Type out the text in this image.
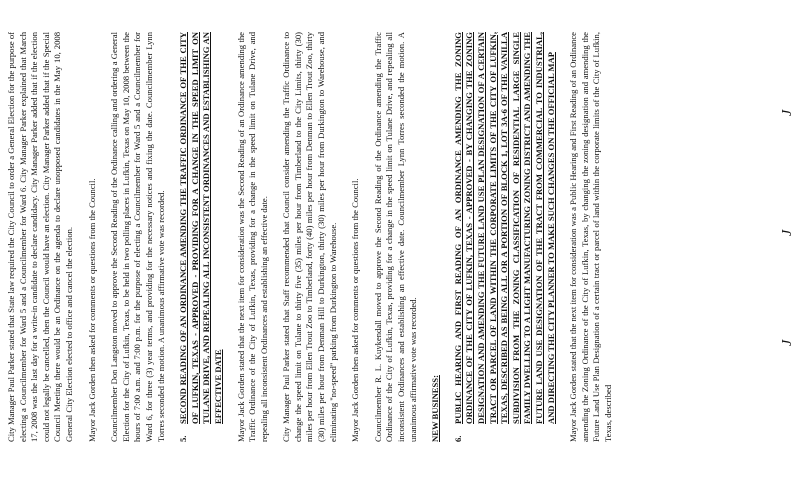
City Manager Paul Parker stated that State law required the City Council to order a General Election for the purpose of electing a Councilmember for Ward 5 and a Councilmember for Ward 6. City Manager Parker explained that March 17, 2008 was the last day for a write-in candidate to declare candidacy. City Manager Parker added that if the election could not legally be cancelled, then the Council would have an election. City Manager Parker added that if the Special Council Meeting there would be an Ordinance on the agenda to declare unopposed candidates in the May 10, 2008 General City Election elected to office and cancel the election. Mayor Jack Gorden then asked for comments or questions from the Council. Councilmember Don Langston moved to approve the Second Reading of the Ordinance calling and ordering a General Election for the City of Lufkin, Texas, to be held in two polling places in Lufkin, Texas on May 10, 2008 between the hours of 7:00 a.m. and 7:00 p.m. for the purpose of electing a Councilmember for Ward 5 and a Councilmember for Ward 6, for three (3) year terms, and providing for the necessary notices and fixing the date. Councilmember Lynn Torres seconded the motion. A unanimous affirmative vote was recorded. 5.
SECOND READING OF AN ORDINANCE AMENDING THE TRAFFIC ORDINANCE OF THE CITY OF LUFKIN, TEXAS - APPROVED - PROVIDING FOR A CHANGE IN THE SPEED LIMIT ON TULANE DRIVE, AND REPEALING ALL INCONSISTENT ORDINANCES AND ESTABLISHING AN EFFECTIVE DATE Mayor Jack Gorden stated that the next item for consideration was the Second Reading of an Ordinance amending the Traffic Ordinance of the City of Lufkin, Texas, providing for a change in the speed limit on Tulane Drive, and repealing all inconsistent Ordinances and establishing an effective date. City Manager Paul Parker stated that Staff recommended that Council consider amending the Traffic Ordinance to change the speed limit on Tulane to thirty five (35) miles per hour from Timberland to the City Limits, thirty (30) miles per hour from Ellen Trout Zoo to Timberland, forty (40) miles per hour from Denman to Ellen Trout Zoo, thirty (30) miles per hour from Denman Hill to Durkington, thirty (30) miles per hour from Durkington to Warehouse, and eliminating "no-speed" parking from Durkington to Warehouse. Mayor Jack Gorden then asked for comments or questions from the Council. Councilmember R. L. Kuykendall moved to approve the Second Reading of the Ordinance amending the Traffic Ordinance of the City of Lufkin, Texas, providing for a change in the speed limit on Tulane Drive, and repealing all inconsistent Ordinances and establishing an effective date. Councilmember Lynn Torres seconded the motion. A unanimous affirmative vote was recorded. NEW BUSINESS: 6.
PUBLIC HEARING AND FIRST READING OF AN ORDINANCE AMENDING THE ZONING ORDINANCE OF THE CITY OF LUFKIN, TEXAS - APPROVED - BY CHANGING THE ZONING DESIGNATION AND AMENDING THE FUTURE LAND USE PLAN DESIGNATION OF A CERTAIN TRACT OR PARCEL OF LAND WITHIN THE CORPORATE LIMITS OF THE CITY OF LUFKIN, TEXAS, DESCRIBED AS BEING ALL OR A PORTION OF BLOCK 1, LOT 3A-6 OF THE VANILLA SUBDIVISION FROM THE ZONING CLASSIFICATION OF RESIDENTIAL LARGE SINGLE FAMILY DWELLING TO A LIGHT MANUFACTURING ZONING DISTRICT AND AMENDING THE FUTURE LAND USE DESIGNATION OF THE TRACT FROM COMMERCIAL TO INDUSTRIAL, AND DIRECTING THE CITY PLANNER TO MAKE SUCH CHANGES ON THE OFFICIAL MAP Mayor Jack Gorden stated that the next item for consideration was a Public Hearing and First Reading of an Ordinance amending the Zoning Ordinance of the City of Lufkin, Texas, by changing the zoning designation and amending the Future Land Use Plan Designation of a certain tract or parcel of land within the corporate limits of the City of Lufkin, Texas, described

J
J
J
